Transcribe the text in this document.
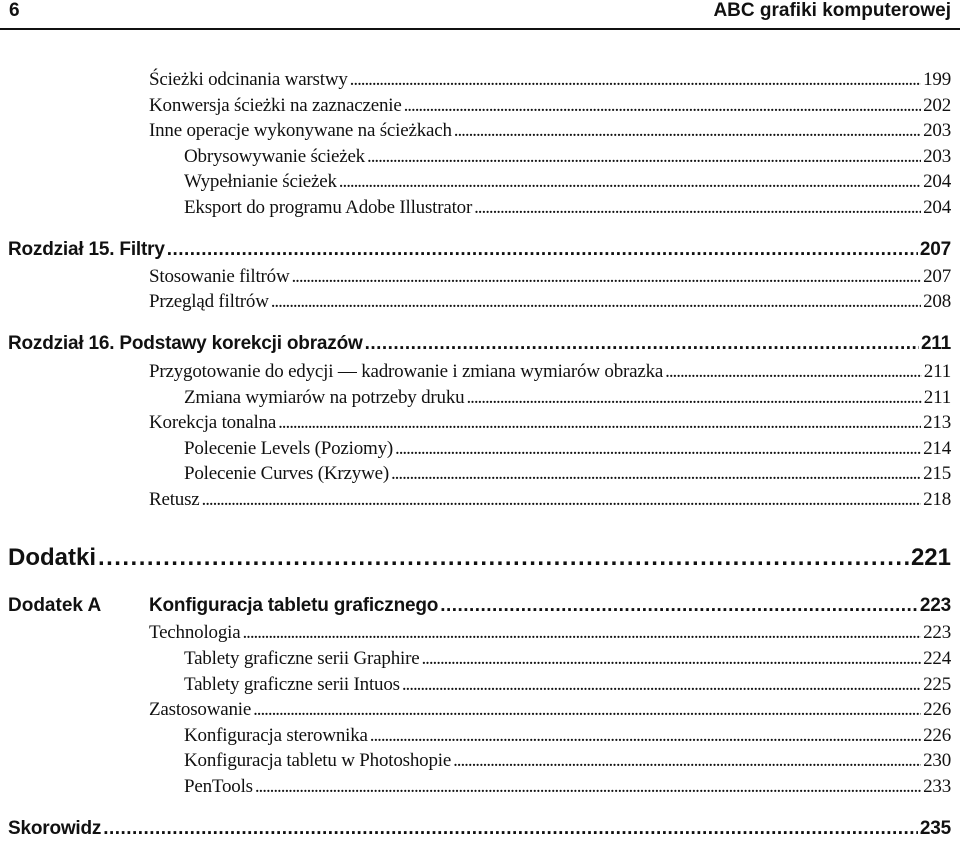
6	ABC grafiki komputerowej
Ścieżki odcinania warstwy . . .	199
Konwersja ścieżki na zaznaczenie . . .	202
Inne operacje wykonywane na ścieżkach . . .	203
Obrysowywanie ścieżek . . .	203
Wypełnianie ścieżek . . .	204
Eksport do programu Adobe Illustrator . . .	204
Rozdział 15. Filtry . . .	207
Stosowanie filtrów . . .	207
Przegląd filtrów . . .	208
Rozdział 16. Podstawy korekcji obrazów . . .	211
Przygotowanie do edycji — kadrowanie i zmiana wymiarów obrazka . . .	211
Zmiana wymiarów na potrzeby druku . . .	211
Korekcja tonalna . . .	213
Polecenie Levels (Poziomy) . . .	214
Polecenie Curves (Krzywe) . . .	215
Retusz . . .	218
Dodatki . . .	221
Dodatek A	Konfiguracja tabletu graficznego . . .	223
Technologia . . .	223
Tablety graficzne serii Graphire . . .	224
Tablety graficzne serii Intuos . . .	225
Zastosowanie . . .	226
Konfiguracja sterownika . . .	226
Konfiguracja tabletu w Photoshopie . . .	230
PenTools . . .	233
Skorowidz . . .	235
